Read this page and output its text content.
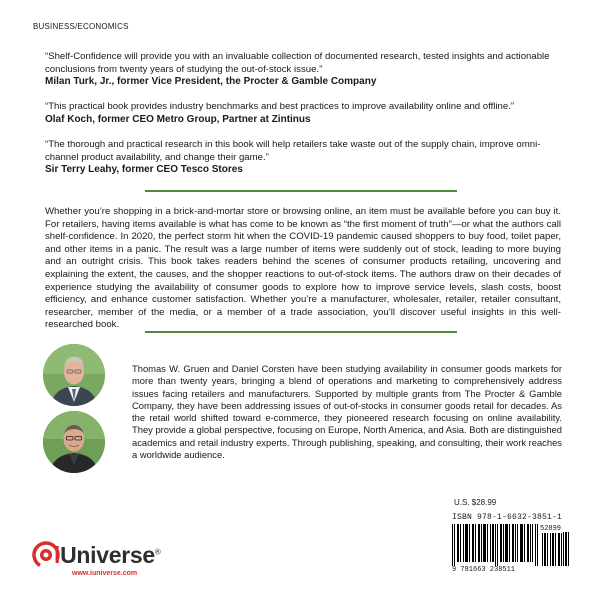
BUSINESS/ECONOMICS
“Shelf-Confidence will provide you with an invaluable collection of documented research, tested insights and actionable conclusions from twenty years of studying the out-of-stock issue.”
Milan Turk, Jr., former Vice President, the Procter & Gamble Company
“This practical book provides industry benchmarks and best practices to improve availability online and offline.”
Olaf Koch, former CEO Metro Group, Partner at Zintinus
“The thorough and practical research in this book will help retailers take waste out of the supply chain, improve omni-channel product availability, and change their game.”
Sir Terry Leahy, former CEO Tesco Stores
Whether you’re shopping in a brick-and-mortar store or browsing online, an item must be available before you can buy it. For retailers, having items available is what has come to be known as “the first moment of truth”—or what the authors call shelf-confidence. In 2020, the perfect storm hit when the COVID-19 pandemic caused shoppers to buy food, toilet paper, and other items in a panic. The result was a large number of items were suddenly out of stock, leading to more buying and an outright crisis. This book takes readers behind the scenes of consumer products retailing, uncovering and explaining the extent, the causes, and the shopper reactions to out-of-stock items. The authors draw on their decades of experience studying the availability of consumer goods to explore how to improve service levels, slash costs, boost efficiency, and enhance customer satisfaction. Whether you’re a manufacturer, wholesaler, retailer, retailer consultant, researcher, member of the media, or a member of a trade association, you’ll discover useful insights in this well-researched book.
Thomas W. Gruen and Daniel Corsten have been studying availability in consumer goods markets for more than twenty years, bringing a blend of operations and marketing to comprehensively address issues facing retailers and manufacturers. Supported by multiple grants from The Procter & Gamble Company, they have been addressing issues of out-of-stocks in consumer goods retail for decades. As the retail world shifted toward e-commerce, they pioneered research focusing on online availability. They provide a global perspective, focusing on Europe, North America, and Asia. Both are distinguished academics and retail industry experts. Through publishing, speaking, and consulting, their work reaches a worldwide audience.
iUniverse®
www.iuniverse.com
U.S. $28.99
ISBN 978-1-6632-3851-1
52899
9 781663 238511
